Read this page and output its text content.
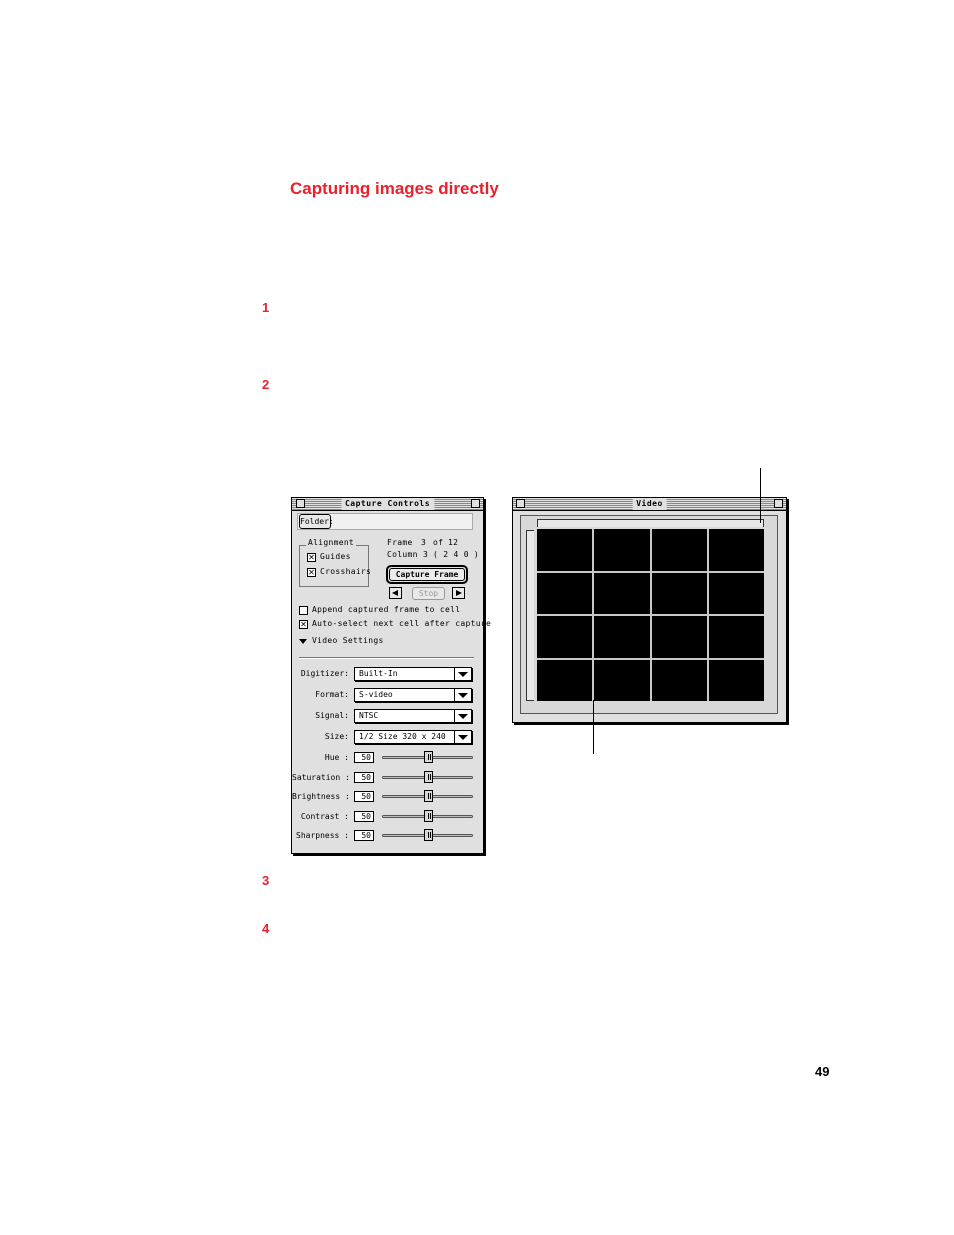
Capturing images directly
1
2
3
4
49
Capture Controls
Folder:
Alignment
✕ Guides
✕ Crosshairs
Frame 3 of 12
Column 3 ( 2 4 0 )
Capture Frame
Stop
Append captured frame to cell
✕ Auto-select next cell after capture
Video Settings
Digitizer:	Built-In
Format:	S-video
Signal:	NTSC
Size:	1/2 Size 320 x 240
Hue :	50
Saturation :	50
Brightness :	50
Contrast :	50
Sharpness :	50
Video
